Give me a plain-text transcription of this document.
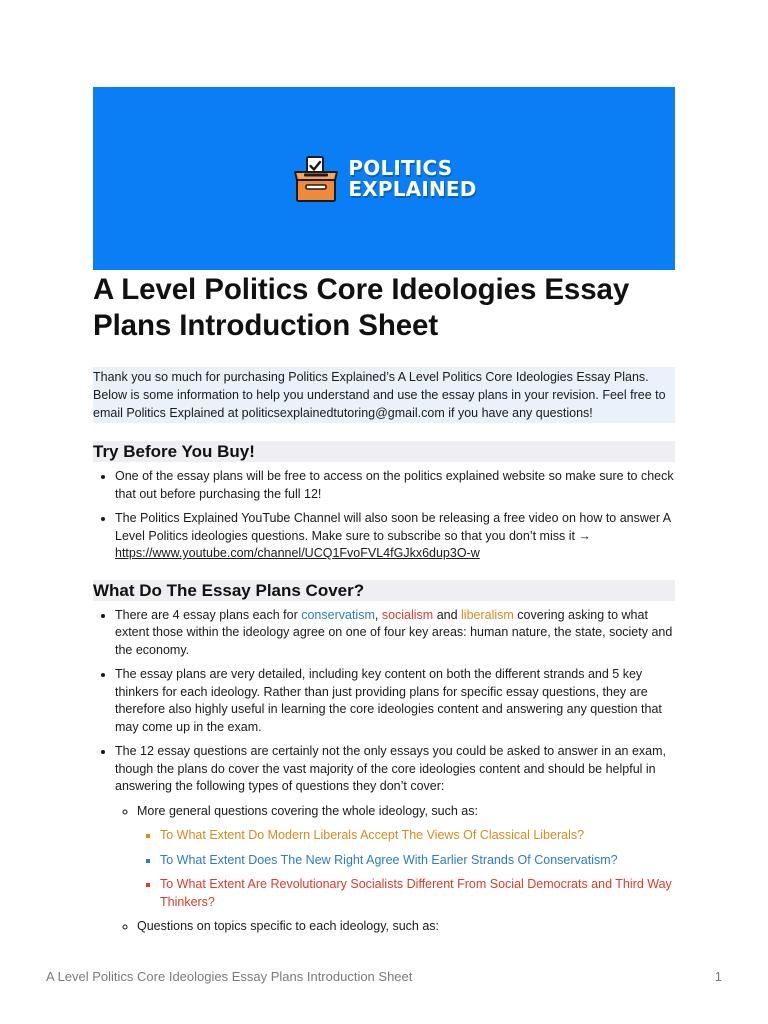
POLITICS
EXPLAINED
A Level Politics Core Ideologies Essay Plans Introduction Sheet

Thank you so much for purchasing Politics Explained’s A Level Politics Core Ideologies Essay Plans. Below is some information to help you understand and use the essay plans in your revision. Feel free to email Politics Explained at politicsexplainedtutoring@gmail.com if you have any questions!

Try Before You Buy!
• One of the essay plans will be free to access on the politics explained website so make sure to check that out before purchasing the full 12!
• The Politics Explained YouTube Channel will also soon be releasing a free video on how to answer A Level Politics ideologies questions. Make sure to subscribe so that you don’t miss it →
https://www.youtube.com/channel/UCQ1FvoFVL4fGJkx6dup3O-w
What Do The Essay Plans Cover?
• There are 4 essay plans each for conservatism, socialism and liberalism covering asking to what extent those within the ideology agree on one of four key areas: human nature, the state, society and the economy.
• The essay plans are very detailed, including key content on both the different strands and 5 key thinkers for each ideology. Rather than just providing plans for specific essay questions, they are therefore also highly useful in learning the core ideologies content and answering any question that may come up in the exam.
• The 12 essay questions are certainly not the only essays you could be asked to answer in an exam, though the plans do cover the vast majority of the core ideologies content and should be helpful in answering the following types of questions they don’t cover:
◦ More general questions covering the whole ideology, such as:
▪ To What Extent Do Modern Liberals Accept The Views Of Classical Liberals?
▪ To What Extent Does The New Right Agree With Earlier Strands Of Conservatism?
▪ To What Extent Are Revolutionary Socialists Different From Social Democrats and Third Way Thinkers?
◦ Questions on topics specific to each ideology, such as:
A Level Politics Core Ideologies Essay Plans Introduction Sheet	1
